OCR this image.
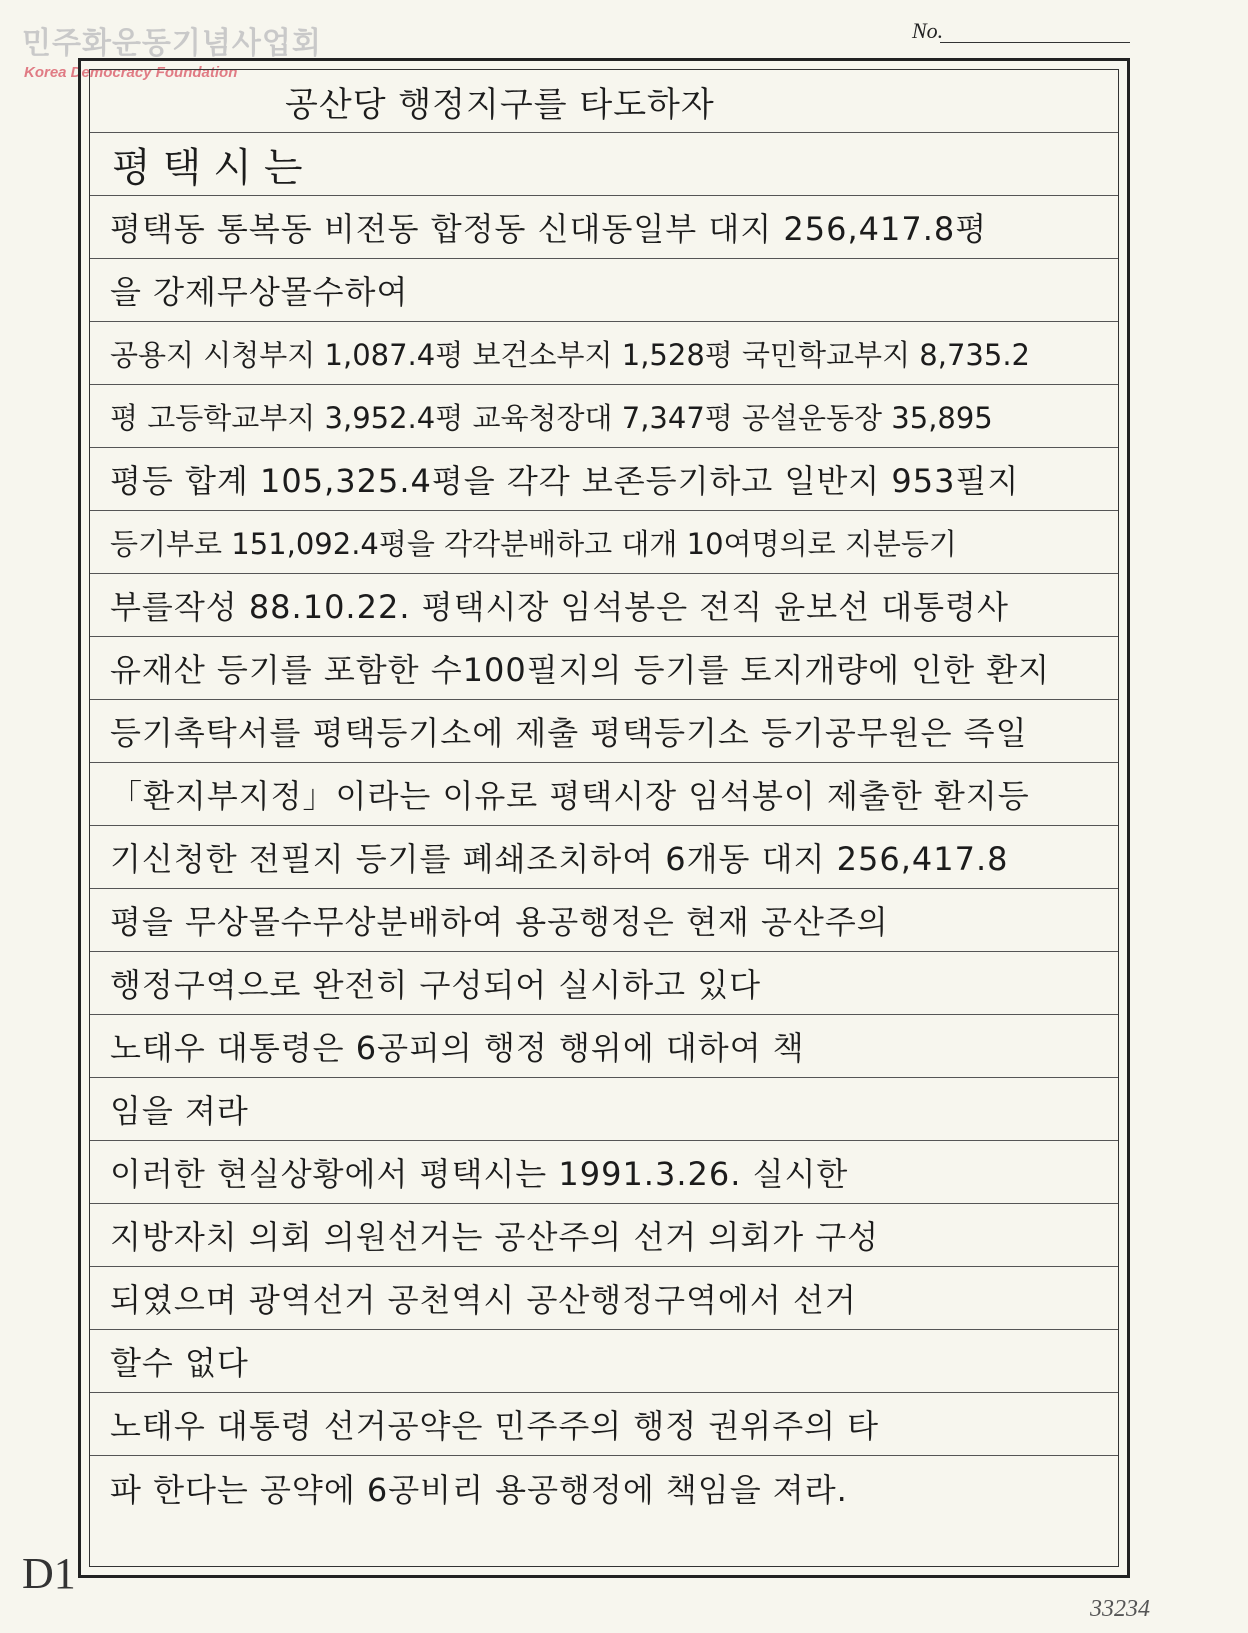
민주화운동기념사업회
Korea Democracy Foundation
No.
공산당 행정지구를 타도하자
평택시는
평택동 통복동 비전동 합정동 신대동일부 대지 256,417.8평
을 강제무상몰수하여
공용지 시청부지 1,087.4평 보건소부지 1,528평 국민학교부지 8,735.2
평 고등학교부지 3,952.4평 교육청장대 7,347평 공설운동장 35,895
평등 합계 105,325.4평을 각각 보존등기하고 일반지 953필지
등기부로 151,092.4평을 각각분배하고 대개 10여명의로 지분등기
부를작성 88.10.22. 평택시장 임석봉은 전직 윤보선 대통령사
유재산 등기를 포함한 수100필지의 등기를 토지개량에 인한 환지
등기촉탁서를 평택등기소에 제출 평택등기소 등기공무원은 즉일
「환지부지정」이라는 이유로 평택시장 임석봉이 제출한 환지등
기신청한 전필지 등기를 폐쇄조치하여 6개동 대지 256,417.8
평을 무상몰수무상분배하여 용공행정은 현재 공산주의
행정구역으로 완전히 구성되어 실시하고 있다
노태우 대통령은 6공피의 행정 행위에 대하여 책
임을 져라
이러한 현실상황에서 평택시는 1991.3.26. 실시한
지방자치 의회 의원선거는 공산주의 선거 의회가 구성
되였으며 광역선거 공천역시 공산행정구역에서 선거
할수 없다
노태우 대통령 선거공약은 민주주의 행정 권위주의 타
파 한다는 공약에 6공비리 용공행정에 책임을 져라.
D1
33234
